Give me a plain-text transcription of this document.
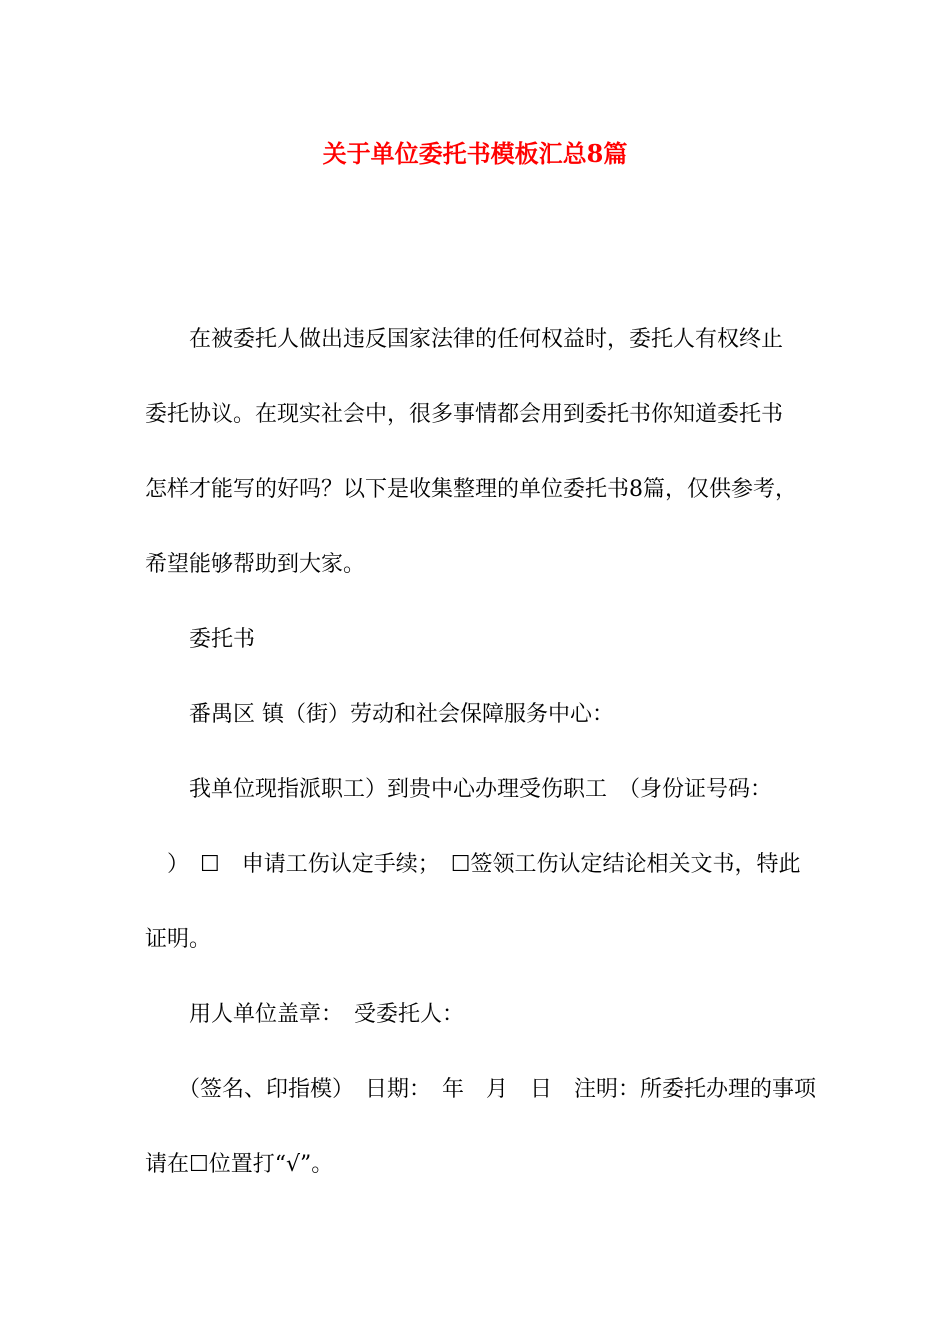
关于单位委托书模板汇总8篇
　　在被委托人做出违反国家法律的任何权益时，委托人有权终止
委托协议。在现实社会中，很多事情都会用到委托书你知道委托书
怎样才能写的好吗？以下是收集整理的单位委托书8篇，仅供参考，
希望能够帮助到大家。
　　委托书
　　番禺区 镇（街）劳动和社会保障服务中心：
　　我单位现指派职工）到贵中心办理受伤职工　（身份证号码：
　）　☐　申请工伤认定手续；　☐签领工伤认定结论相关文书，特此
证明。
　　用人单位盖章：　受委托人：
　　（签名、印指模）　日期：　年　月　日　注明：所委托办理的事项
请在☐位置打“√”。
